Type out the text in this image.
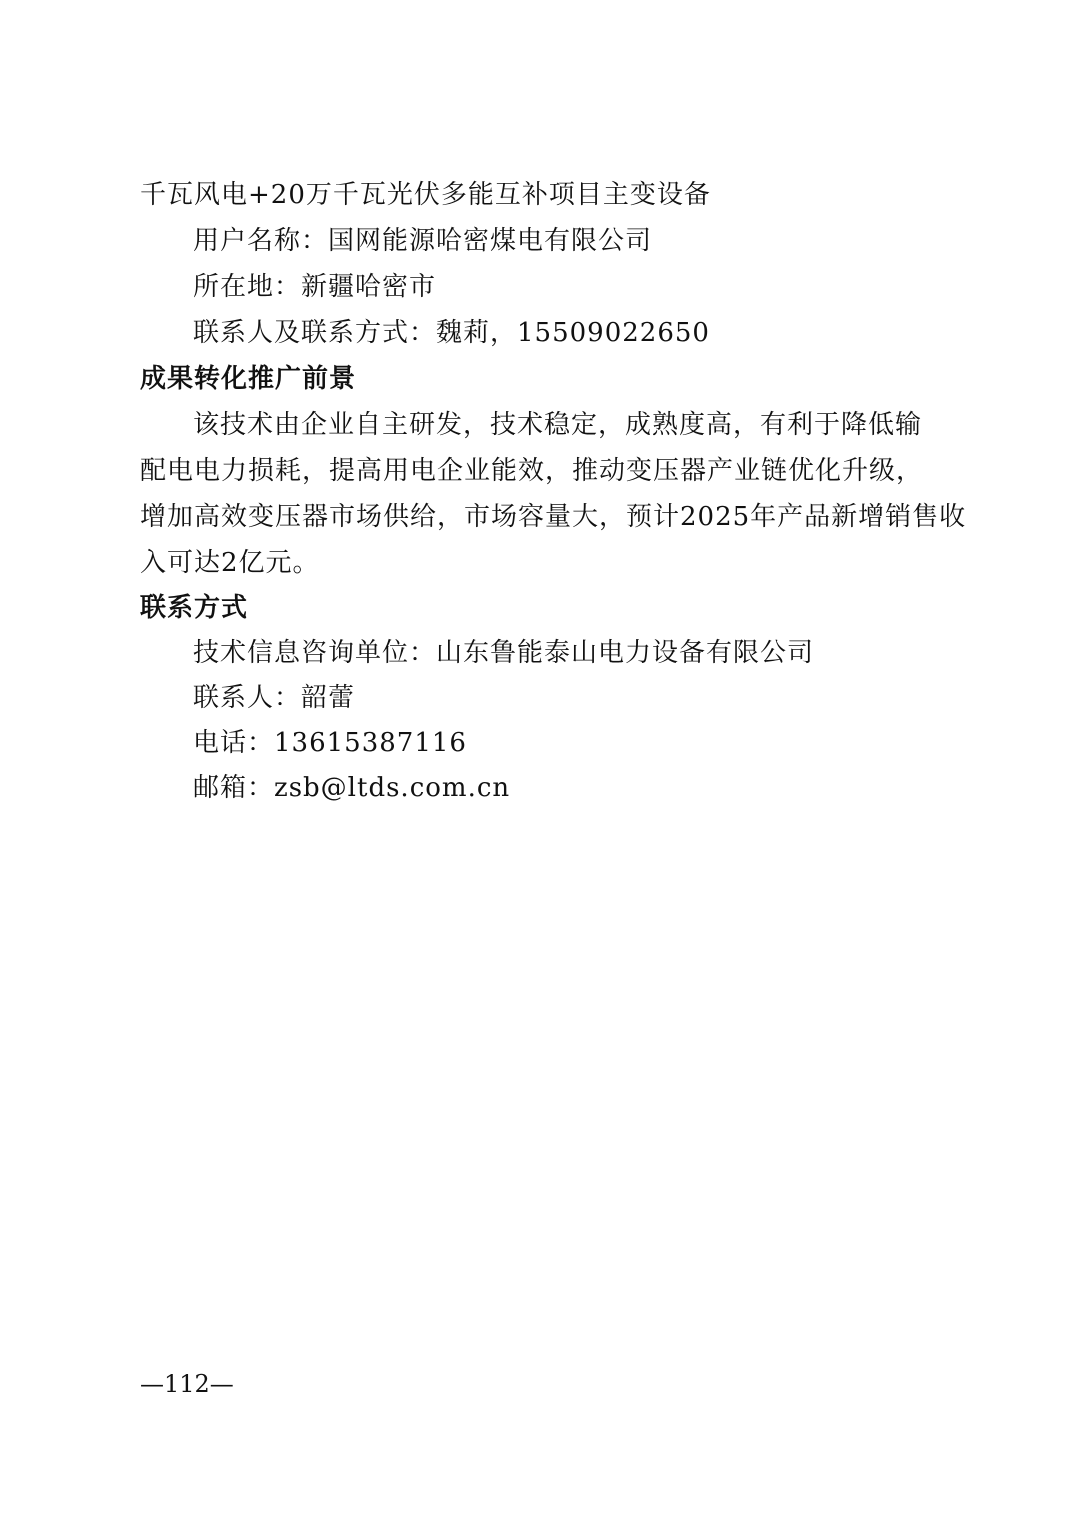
千瓦风电+20万千瓦光伏多能互补项目主变设备
用户名称：国网能源哈密煤电有限公司
所在地：新疆哈密市
联系人及联系方式：魏莉，15509022650
成果转化推广前景
该技术由企业自主研发，技术稳定，成熟度高，有利于降低输
配电电力损耗，提高用电企业能效，推动变压器产业链优化升级，
增加高效变压器市场供给，市场容量大，预计2025年产品新增销售收
入可达2亿元。
联系方式
技术信息咨询单位：山东鲁能泰山电力设备有限公司
联系人：韶蕾
电话：13615387116
邮箱：zsb@ltds.com.cn
—112—
